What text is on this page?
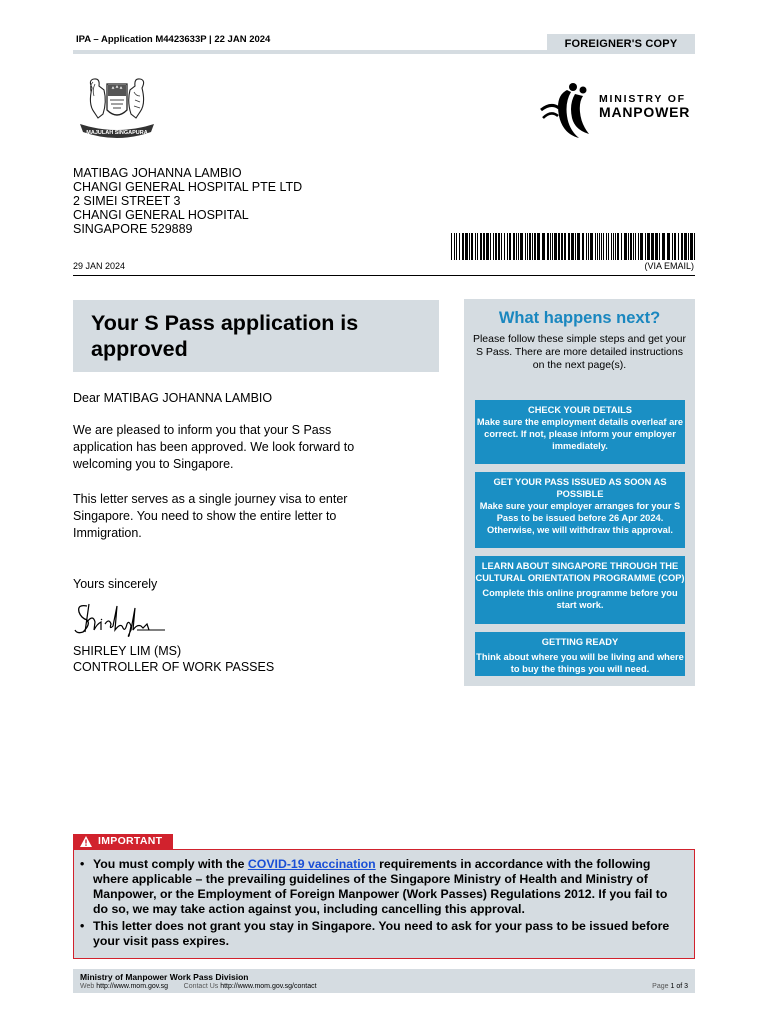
IPA – Application M4423633P | 22 JAN 2024	FOREIGNER'S COPY
MAJULAH SINGAPURA
MINISTRY OF
MANPOWER
MATIBAG JOHANNA LAMBIO
CHANGI GENERAL HOSPITAL PTE LTD
2 SIMEI STREET 3
CHANGI GENERAL HOSPITAL
SINGAPORE 529889
29 JAN 2024	(VIA EMAIL)
Your S Pass application is approved

Dear MATIBAG JOHANNA LAMBIO

We are pleased to inform you that your S Pass application has been approved. We look forward to welcoming you to Singapore.

This letter serves as a single journey visa to enter Singapore. You need to show the entire letter to Immigration.

Yours sincerely

SHIRLEY LIM (MS)
CONTROLLER OF WORK PASSES
What happens next?
Please follow these simple steps and get your S Pass. There are more detailed instructions on the next page(s).
CHECK YOUR DETAILS
Make sure the employment details overleaf are correct. If not, please inform your employer immediately.
GET YOUR PASS ISSUED AS SOON AS POSSIBLE
Make sure your employer arranges for your S Pass to be issued before 26 Apr 2024. Otherwise, we will withdraw this approval.
LEARN ABOUT SINGAPORE THROUGH THE CULTURAL ORIENTATION PROGRAMME (COP)
Complete this online programme before you start work.
GETTING READY
Think about where you will be living and where to buy the things you will need.
IMPORTANT
• You must comply with the COVID-19 vaccination requirements in accordance with the following where applicable – the prevailing guidelines of the Singapore Ministry of Health and Ministry of Manpower, or the Employment of Foreign Manpower (Work Passes) Regulations 2012. If you fail to do so, we may take action against you, including cancelling this approval.
• This letter does not grant you stay in Singapore. You need to ask for your pass to be issued before your visit pass expires.
Ministry of Manpower Work Pass Division
Web http://www.mom.gov.sg Contact Us http://www.mom.gov.sg/contact	Page 1 of 3
